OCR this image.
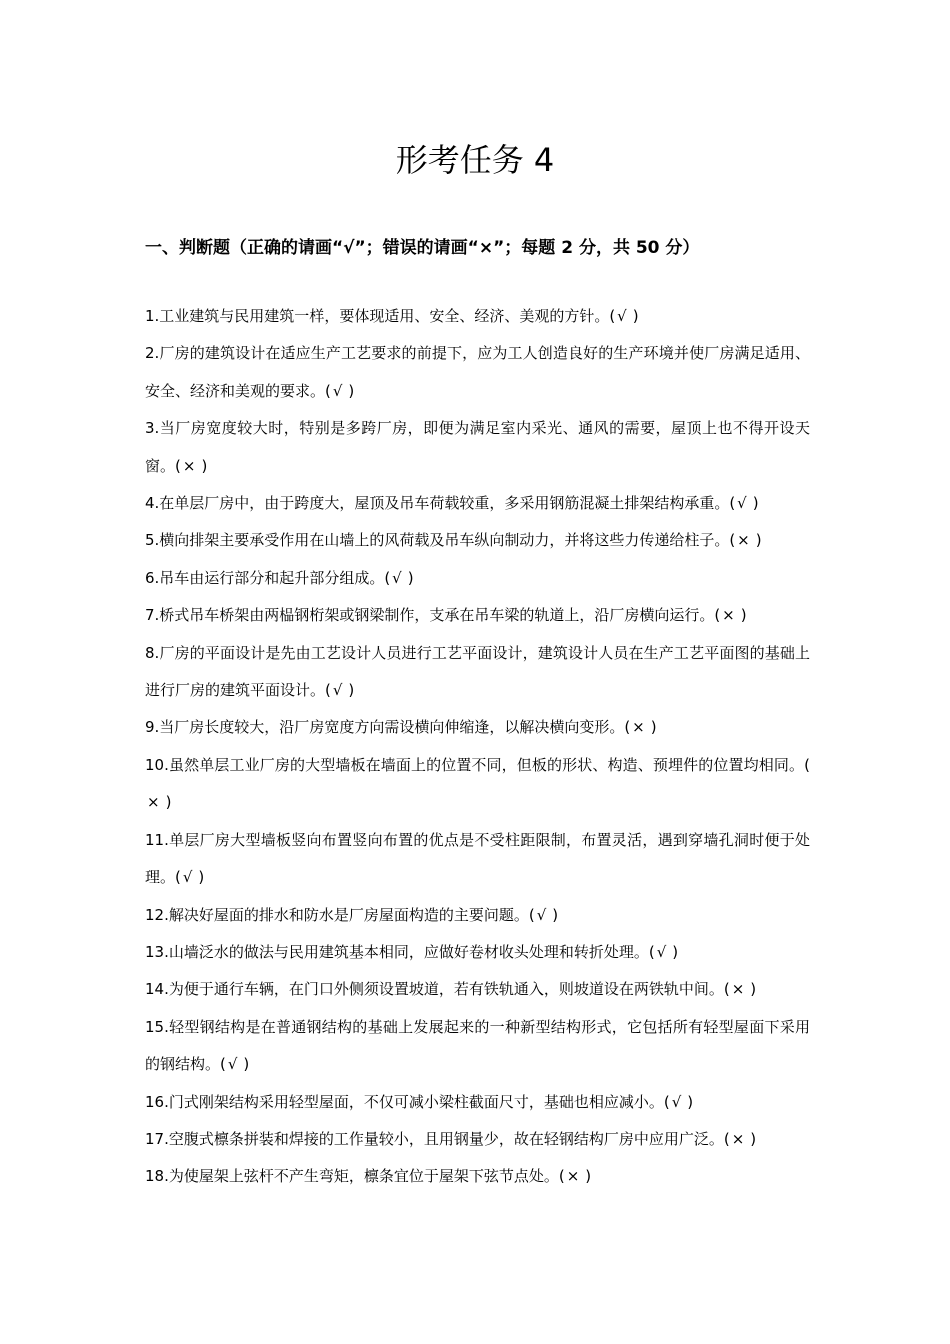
形考任务 4
一、判断题（正确的请画“√”；错误的请画“×”；每题 2 分，共 50 分）
1.工业建筑与民用建筑一样，要体现适用、安全、经济、美观的方针。( √ )
2.厂房的建筑设计在适应生产工艺要求的前提下，应为工人创造良好的生产环境并使厂房满足适用、安全、经济和美观的要求。( √ )
3.当厂房宽度较大时，特别是多跨厂房，即便为满足室内采光、通风的需要，屋顶上也不得开设天窗。( × )
4.在单层厂房中，由于跨度大，屋顶及吊车荷载较重，多采用钢筋混凝土排架结构承重。( √ )
5.横向排架主要承受作用在山墙上的风荷载及吊车纵向制动力，并将这些力传递给柱子。( × )
6.吊车由运行部分和起升部分组成。( √ )
7.桥式吊车桥架由两榀钢桁架或钢梁制作，支承在吊车梁的轨道上，沿厂房横向运行。( × )
8.厂房的平面设计是先由工艺设计人员进行工艺平面设计，建筑设计人员在生产工艺平面图的基础上进行厂房的建筑平面设计。( √ )
9.当厂房长度较大，沿厂房宽度方向需设横向伸缩逢，以解决横向变形。( × )
10.虽然单层工业厂房的大型墙板在墙面上的位置不同，但板的形状、构造、预埋件的位置均相同。(× )
11.单层厂房大型墙板竖向布置竖向布置的优点是不受柱距限制，布置灵活，遇到穿墙孔洞时便于处理。( √ )
12.解决好屋面的排水和防水是厂房屋面构造的主要问题。( √ )
13.山墙泛水的做法与民用建筑基本相同，应做好卷材收头处理和转折处理。( √ )
14.为便于通行车辆，在门口外侧须设置坡道，若有铁轨通入，则坡道设在两铁轨中间。( × )
15.轻型钢结构是在普通钢结构的基础上发展起来的一种新型结构形式，它包括所有轻型屋面下采用的钢结构。( √ )
16.门式刚架结构采用轻型屋面，不仅可减小梁柱截面尺寸，基础也相应减小。( √ )
17.空腹式檩条拼装和焊接的工作量较小，且用钢量少，故在轻钢结构厂房中应用广泛。( × )
18.为使屋架上弦杆不产生弯矩，檩条宜位于屋架下弦节点处。( × )
